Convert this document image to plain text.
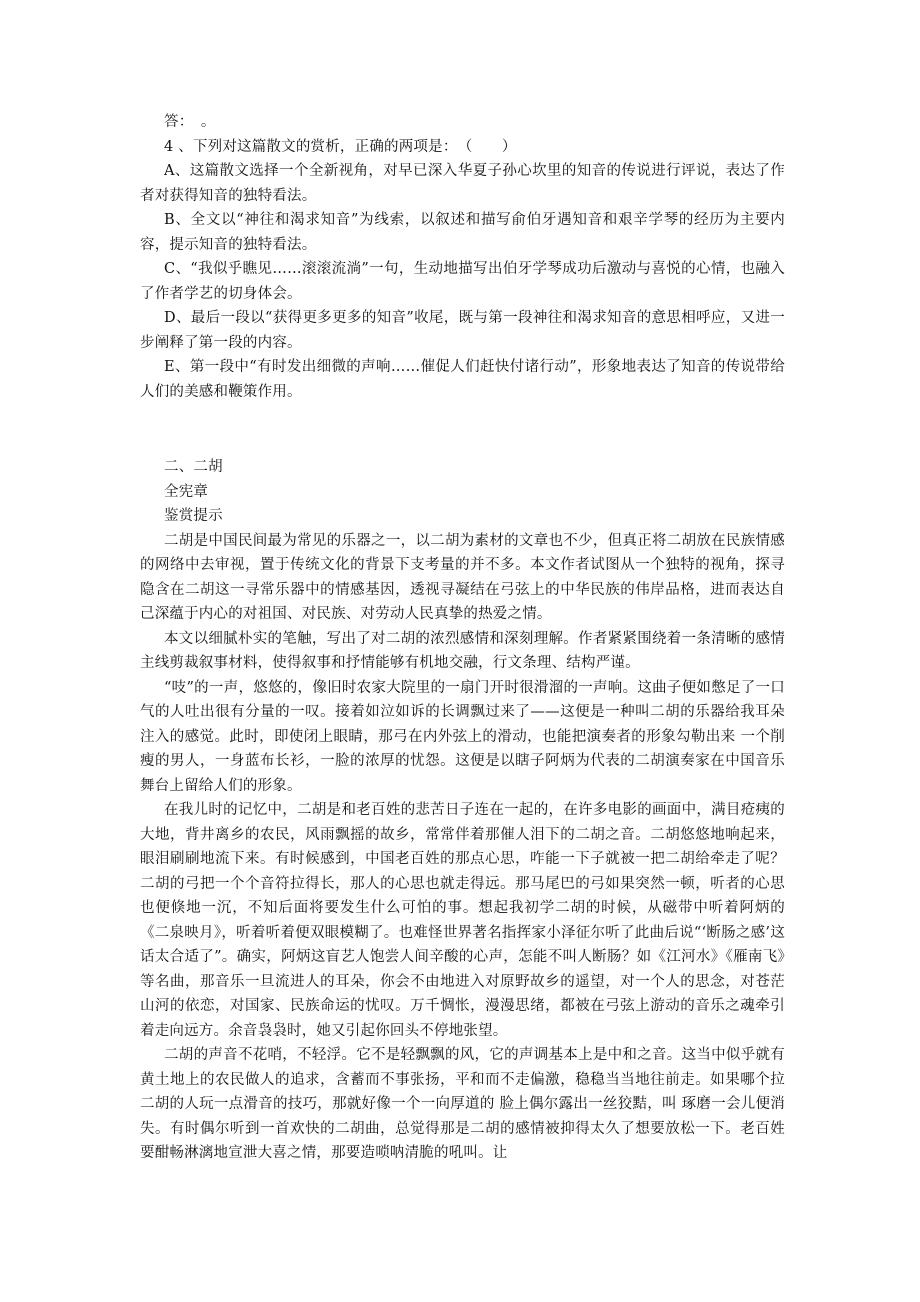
答：　。

4 、下列对这篇散文的赏析，正确的两项是：　（　　）

A、这篇散文选择一个全新视角，对早已深入华夏子孙心坎里的知音的传说进行评说，表达了作者对获得知音的独特看法。

B、全文以“神往和渴求知音”为线索，以叙述和描写俞伯牙遇知音和艰辛学琴的经历为主要内容，提示知音的独特看法。

C、“我似乎瞧见……滚滚流淌”一句，生动地描写出伯牙学琴成功后激动与喜悦的心情，也融入了作者学艺的切身体会。

D、最后一段以“获得更多更多的知音”收尾，既与第一段神往和渴求知音的意思相呼应，又进一步阐释了第一段的内容。

E、第一段中“有时发出细微的声响……催促人们赶快付诸行动”，形象地表达了知音的传说带给人们的美感和鞭策作用。

二、二胡

全宪章

鉴赏提示

二胡是中国民间最为常见的乐器之一，以二胡为素材的文章也不少，但真正将二胡放在民族情感的网络中去审视，置于传统文化的背景下支考量的并不多。本文作者试图从一个独特的视角，探寻隐含在二胡这一寻常乐器中的情感基因，透视寻凝结在弓弦上的中华民族的伟岸品格，进而表达自己深蕴于内心的对祖国、对民族、对劳动人民真挚的热爱之情。

本文以细腻朴实的笔触，写出了对二胡的浓烈感情和深刻理解。作者紧紧围绕着一条清晰的感情主线剪裁叙事材料，使得叙事和抒情能够有机地交融，行文条理、结构严谨。

“吱”的一声，悠悠的，像旧时农家大院里的一扇门开时很滑溜的一声响。这曲子便如憋足了一口气的人吐出很有分量的一叹。接着如泣如诉的长调飘过来了——这便是一种叫二胡的乐器给我耳朵注入的感觉。此时，即使闭上眼睛，那弓在内外弦上的滑动，也能把演奏者的形象勾勒出来 一个削瘦的男人，一身蓝布长衫，一脸的浓厚的忧怨。这便是以瞎子阿炳为代表的二胡演奏家在中国音乐舞台上留给人们的形象。

在我儿时的记忆中，二胡是和老百姓的悲苦日子连在一起的，在许多电影的画面中，满目疮痍的大地，背井离乡的农民，风雨飘摇的故乡，常常伴着那催人泪下的二胡之音。二胡悠悠地响起来，眼泪刷刷地流下来。有时候感到，中国老百姓的那点心思，咋能一下子就被一把二胡给牵走了呢？二胡的弓把一个个音符拉得长，那人的心思也就走得远。那马尾巴的弓如果突然一顿，听者的心思也便倏地一沉，不知后面将要发生什么可怕的事。想起我初学二胡的时候，从磁带中听着阿炳的《二泉映月》，听着听着便双眼模糊了。也难怪世界著名指挥家小泽征尔听了此曲后说“‘断肠之感’这话太合适了”。确实，阿炳这盲艺人饱尝人间辛酸的心声，怎能不叫人断肠？如《江河水》《雁南飞》等名曲，那音乐一旦流进人的耳朵，你会不由地进入对原野故乡的遥望，对一个人的思念，对苍茫山河的依恋，对国家、民族命运的忧叹。万千惆怅，漫漫思绪，都被在弓弦上游动的音乐之魂牵引着走向远方。余音袅袅时，她又引起你回头不停地张望。

二胡的声音不花哨，不轻浮。它不是轻飘飘的风，它的声调基本上是中和之音。这当中似乎就有黄土地上的农民做人的追求，含蓄而不事张扬，平和而不走偏激，稳稳当当地往前走。如果哪个拉二胡的人玩一点滑音的技巧，那就好像一个一向厚道的 脸上偶尔露出一丝狡黠，叫 琢磨一会儿便消失。有时偶尔听到一首欢快的二胡曲，总觉得那是二胡的感情被抑得太久了想要放松一下。老百姓要酣畅淋漓地宣泄大喜之情，那要造唢呐清脆的吼叫。让
